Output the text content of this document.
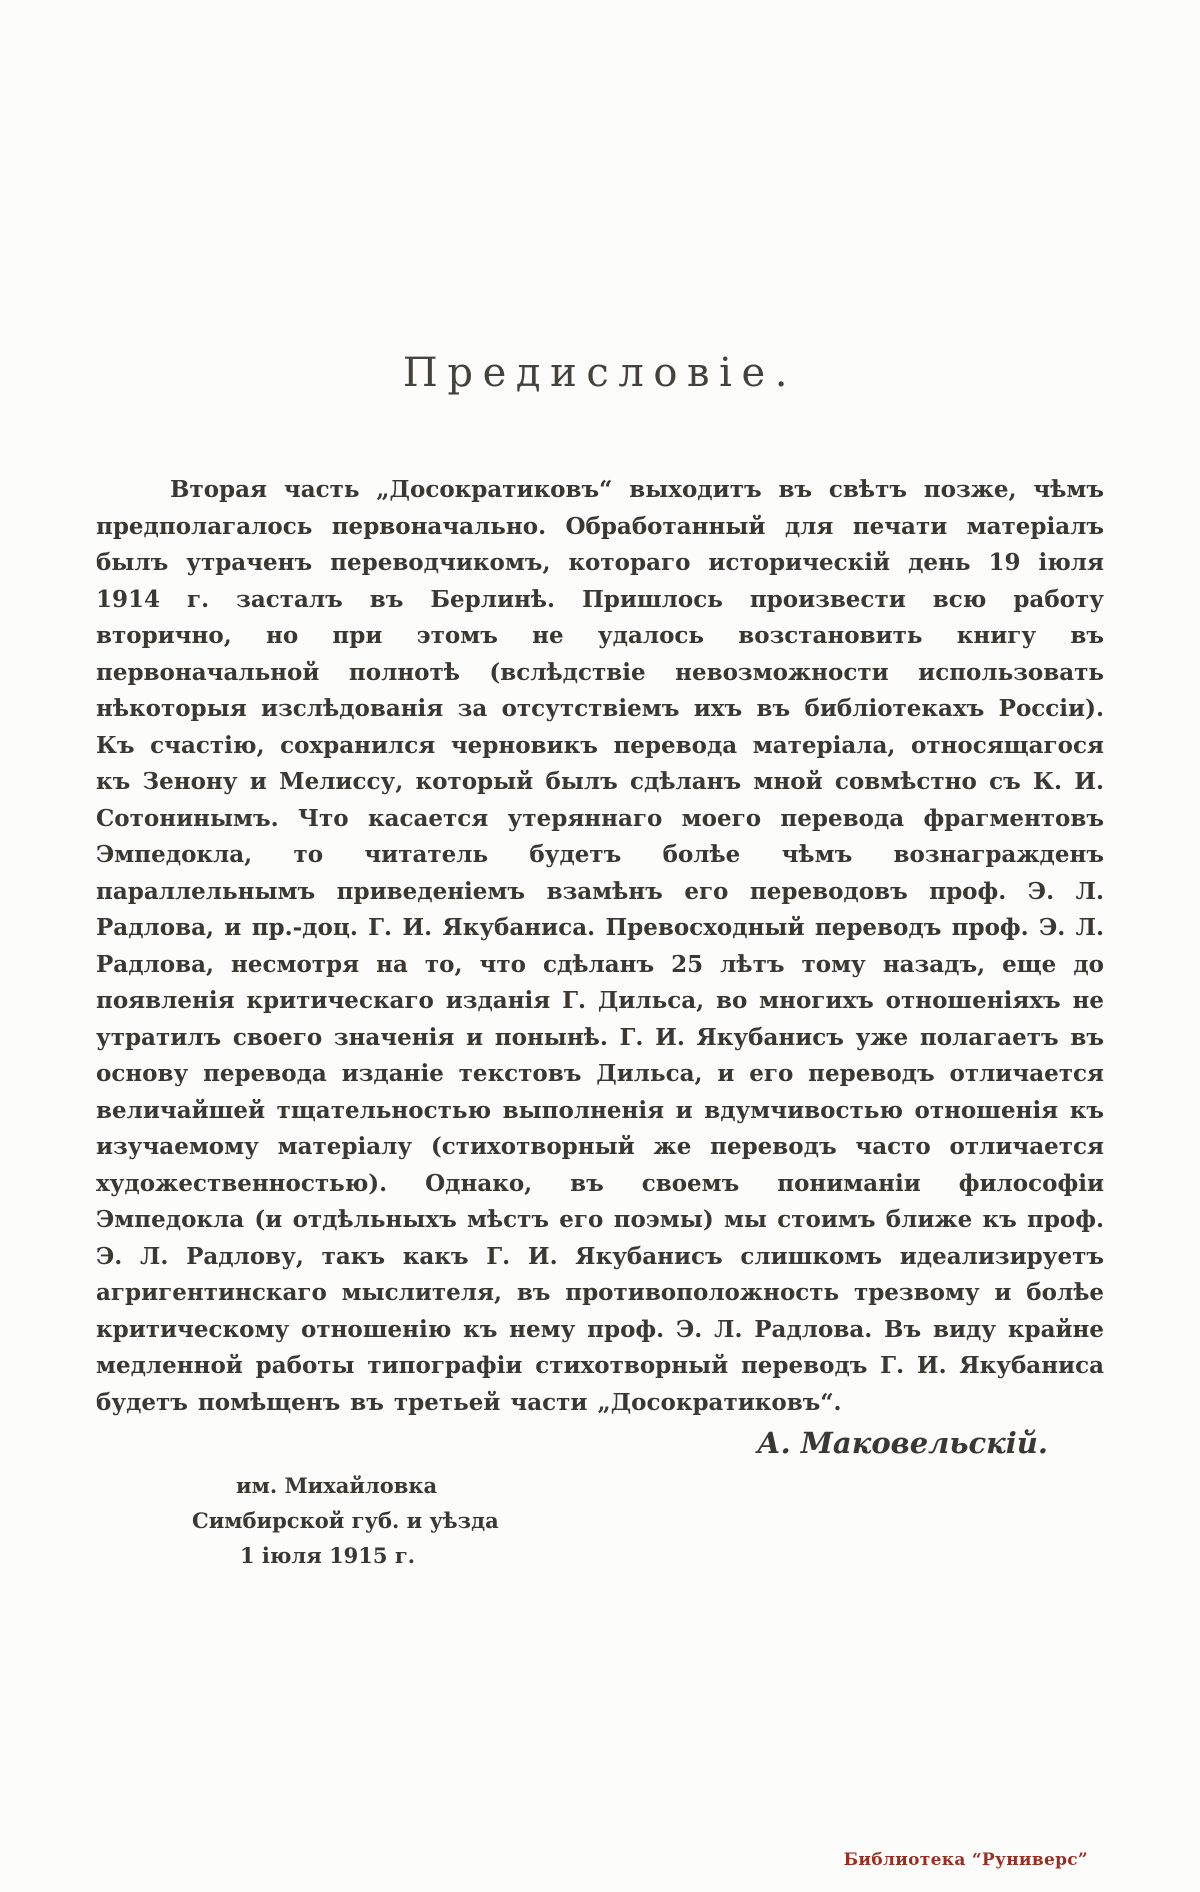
Предисловіе.

Вторая часть „Досократиковъ“ выходитъ въ свѣтъ позже, чѣмъ предполагалось первоначально. Обработанный для печати матеріалъ былъ утраченъ переводчикомъ, котораго историческій день 19 іюля 1914 г. засталъ въ Берлинѣ. Пришлось произвести всю работу вторично, но при этомъ не удалось возстановить книгу въ первоначальной полнотѣ (вслѣдствіе невозможности использовать нѣкоторыя изслѣдованія за отсутствіемъ ихъ въ библіотекахъ Россіи). Къ счастію, сохранился черновикъ перевода матеріала, относящагося къ Зенону и Мелиссу, который былъ сдѣланъ мной совмѣстно съ К. И. Сотонинымъ. Что касается утеряннаго моего перевода фрагментовъ Эмпедокла, то читатель будетъ болѣе чѣмъ вознагражденъ параллельнымъ приведеніемъ взамѣнъ его переводовъ проф. Э. Л. Радлова, и пр.-доц. Г. И. Якубаниса. Превосходный переводъ проф. Э. Л. Радлова, несмотря на то, что сдѣланъ 25 лѣтъ тому назадъ, еще до появленія критическаго изданія Г. Дильса, во многихъ отношеніяхъ не утратилъ своего значенія и понынѣ. Г. И. Якубанисъ уже полагаетъ въ основу перевода изданіе текстовъ Дильса, и его переводъ отличается величайшей тщательностью выполненія и вдумчивостью отношенія къ изучаемому матеріалу (стихотворный же переводъ часто отличается художественностью). Однако, въ своемъ пониманіи философіи Эмпедокла (и отдѣльныхъ мѣстъ его поэмы) мы стоимъ ближе къ проф. Э. Л. Радлову, такъ какъ Г. И. Якубанисъ слишкомъ идеализируетъ агригентинскаго мыслителя, въ противоположность трезвому и болѣе критическому отношенію къ нему проф. Э. Л. Радлова. Въ виду крайне медленной работы типографіи стихотворный переводъ Г. И. Якубаниса будетъ помѣщенъ въ третьей части „Досократиковъ“.

А. Маковельскій.
им. Михайловка
Симбирской губ. и уѣзда
1 іюля 1915 г.
Библиотека “Руниверс”
